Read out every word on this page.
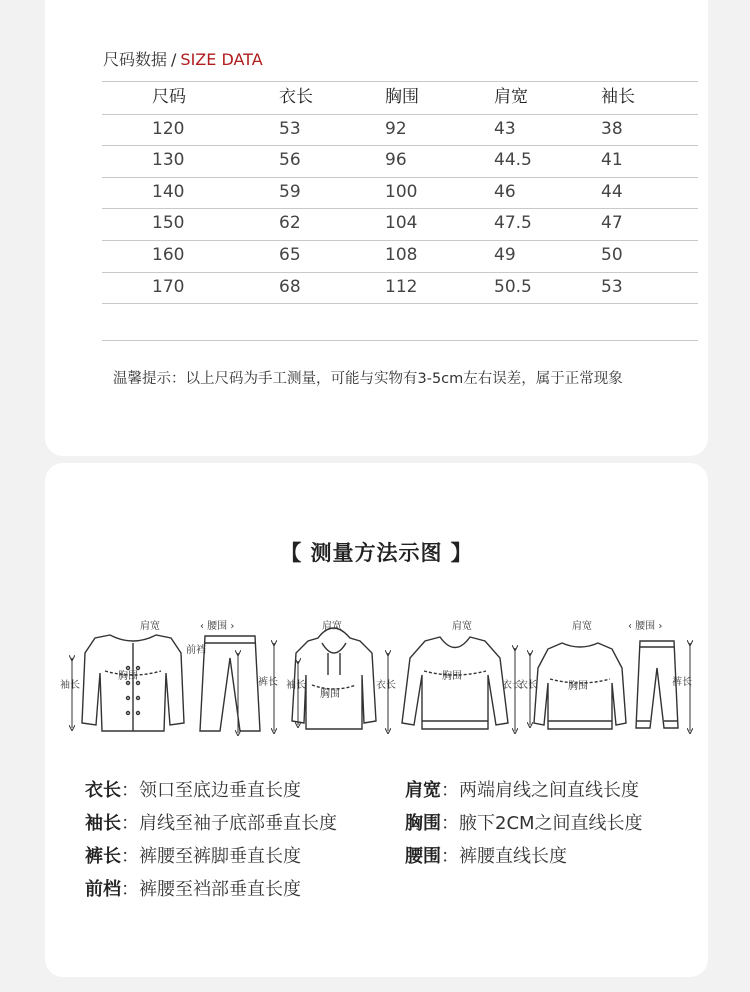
尺码数据 / SIZE DATA
尺码	衣长	胸围	肩宽	袖长
120	53	92	43	38
130	56	96	44.5	41
140	59	100	46	44
150	62	104	47.5	47
160	65	108	49	50
170	68	112	50.5	53
温馨提示：以上尺码为手工测量，可能与实物有3-5cm左右误差，属于正常现象
【 测量方法示图 】
肩宽	‹ 腰围 ›	肩宽	肩宽	肩宽	‹ 腰围 ›
胸围
胸围
胸围
胸围
袖长
前裆
裤长 袖长	衣长	衣长
衣长	裤长
衣长：领口至底边垂直长度	肩宽：两端肩线之间直线长度
袖长：肩线至袖子底部垂直长度	胸围：腋下2CM之间直线长度
裤长：裤腰至裤脚垂直长度	腰围：裤腰直线长度
前档：裤腰至裆部垂直长度
